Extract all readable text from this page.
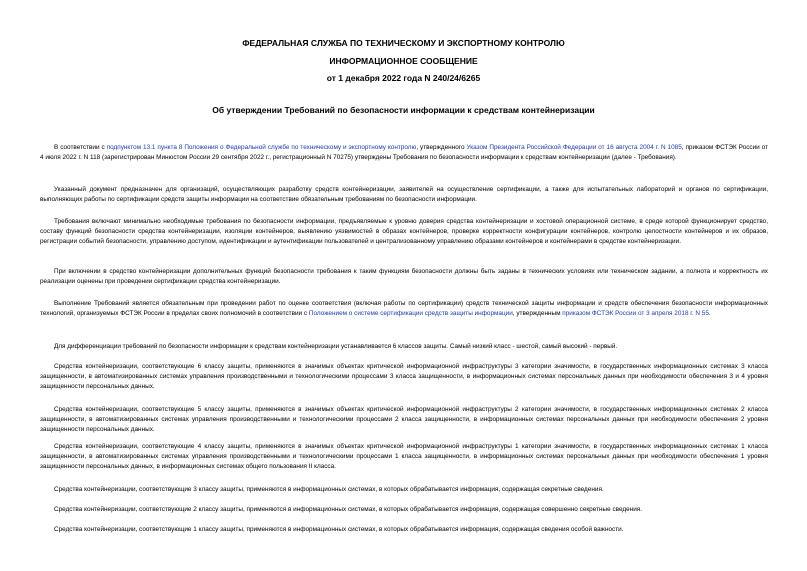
ФЕДЕРАЛЬНАЯ СЛУЖБА ПО ТЕХНИЧЕСКОМУ И ЭКСПОРТНОМУ КОНТРОЛЮ
ИНФОРМАЦИОННОЕ СООБЩЕНИЕ
от 1 декабря 2022 года N 240/24/6265
Об утверждении Требований по безопасности информации к средствам контейнеризации

В соответствии с подпунктом 13.1 пункта 8 Положения о Федеральной службе по техническому и экспортному контролю, утвержденного Указом Президента Российской Федерации от 16 августа 2004 г. N 1085, приказом ФСТЭК России от 4 июля 2022 г. N 118 (зарегистрирован Минюстом России 29 сентября 2022 г., регистрационный N 70275) утверждены Требования по безопасности информации к средствам контейнеризации (далее - Требования).

Указанный документ предназначен для организаций, осуществляющих разработку средств контейнеризации, заявителей на осуществление сертификации, а также для испытательных лабораторий и органов по сертификации, выполняющих работы по сертификации средств защиты информации на соответствие обязательным требованиям по безопасности информации.

Требования включают минимально необходимые требования по безопасности информации, предъявляемые к уровню доверия средства контейнеризации и хостовой операционной системе, в среде которой функционирует средство, составу функций безопасности средства контейнеризации, изоляции контейнеров, выявлению уязвимостей в образах контейнеров, проверке корректности конфигурации контейнеров, контролю целостности контейнеров и их образов, регистрации событий безопасности, управлению доступом, идентификации и аутентификации пользователей и централизованному управлению образами контейнеров и контейнерами в средстве контейнеризации.

При включении в средство контейнеризации дополнительных функций безопасности требования к таким функциям безопасности должны быть заданы в технических условиях или техническом задании, а полнота и корректность их реализации оценены при проведении сертификации средства контейнеризации.

Выполнение Требований является обязательным при проведении работ по оценке соответствия (включая работы по сертификации) средств технической защиты информации и средств обеспечения безопасности информационных технологий, организуемых ФСТЭК России в пределах своих полномочий в соответствии с Положением о системе сертификации средств защиты информации, утвержденным приказом ФСТЭК России от 3 апреля 2018 г. N 55.

Для дифференциации требований по безопасности информации к средствам контейнеризации устанавливается 6 классов защиты. Самый низкий класс - шестой, самый высокий - первый.

Средства контейнеризации, соответствующие 6 классу защиты, применяются в значимых объектах критической информационной инфраструктуры 3 категории значимости, в государственных информационных системах 3 класса защищенности, в автоматизированных системах управления производственными и технологическими процессами 3 класса защищенности, в информационных системах персональных данных при необходимости обеспечения 3 и 4 уровня защищенности персональных данных.

Средства контейнеризации, соответствующие 5 классу защиты, применяются в значимых объектах критической информационной инфраструктуры 2 категории значимости, в государственных информационных системах 2 класса защищенности, в автоматизированных системах управления производственными и технологическими процессами 2 класса защищенности, в информационных системах персональных данных при необходимости обеспечения 2 уровня защищенности персональных данных.

Средства контейнеризации, соответствующие 4 классу защиты, применяются в значимых объектах критической информационной инфраструктуры 1 категории значимости, в государственных информационных системах 1 класса защищенности, в автоматизированных системах управления производственными и технологическими процессами 1 класса защищенности, в информационных системах персональных данных при необходимости обеспечения 1 уровня защищенности персональных данных, в информационных системах общего пользования II класса.

Средства контейнеризации, соответствующие 3 классу защиты, применяются в информационных системах, в которых обрабатывается информация, содержащая секретные сведения.

Средства контейнеризации, соответствующие 2 классу защиты, применяются в информационных системах, в которых обрабатывается информация, содержащая совершенно секретные сведения.

Средства контейнеризации, соответствующие 1 классу защиты, применяются в информационных системах, в которых обрабатывается информация, содержащая сведения особой важности.
